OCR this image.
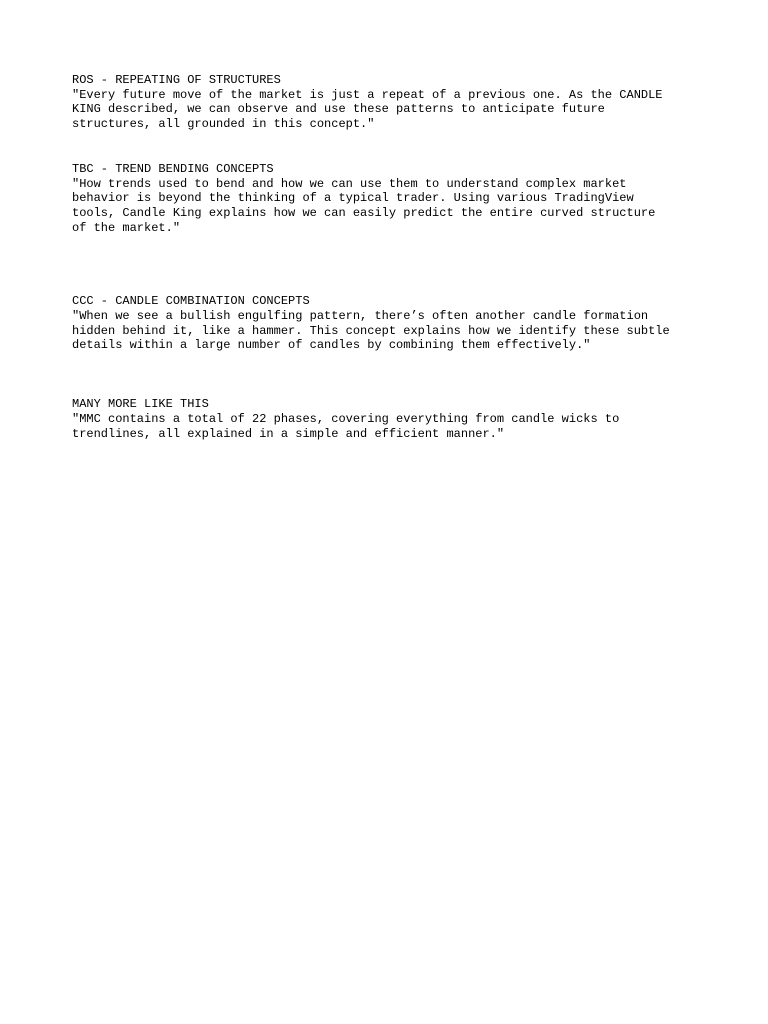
ROS - REPEATING OF STRUCTURES

"Every future move of the market is just a repeat of a previous one. As the CANDLE

KING described, we can observe and use these patterns to anticipate future

structures, all grounded in this concept."

TBC - TREND BENDING CONCEPTS

"How trends used to bend and how we can use them to understand complex market

behavior is beyond the thinking of a typical trader. Using various TradingView

tools, Candle King explains how we can easily predict the entire curved structure

of the market."

CCC - CANDLE COMBINATION CONCEPTS

"When we see a bullish engulfing pattern, there’s often another candle formation

hidden behind it, like a hammer. This concept explains how we identify these subtle

details within a large number of candles by combining them effectively."

MANY MORE LIKE THIS

"MMC contains a total of 22 phases, covering everything from candle wicks to

trendlines, all explained in a simple and efficient manner."
